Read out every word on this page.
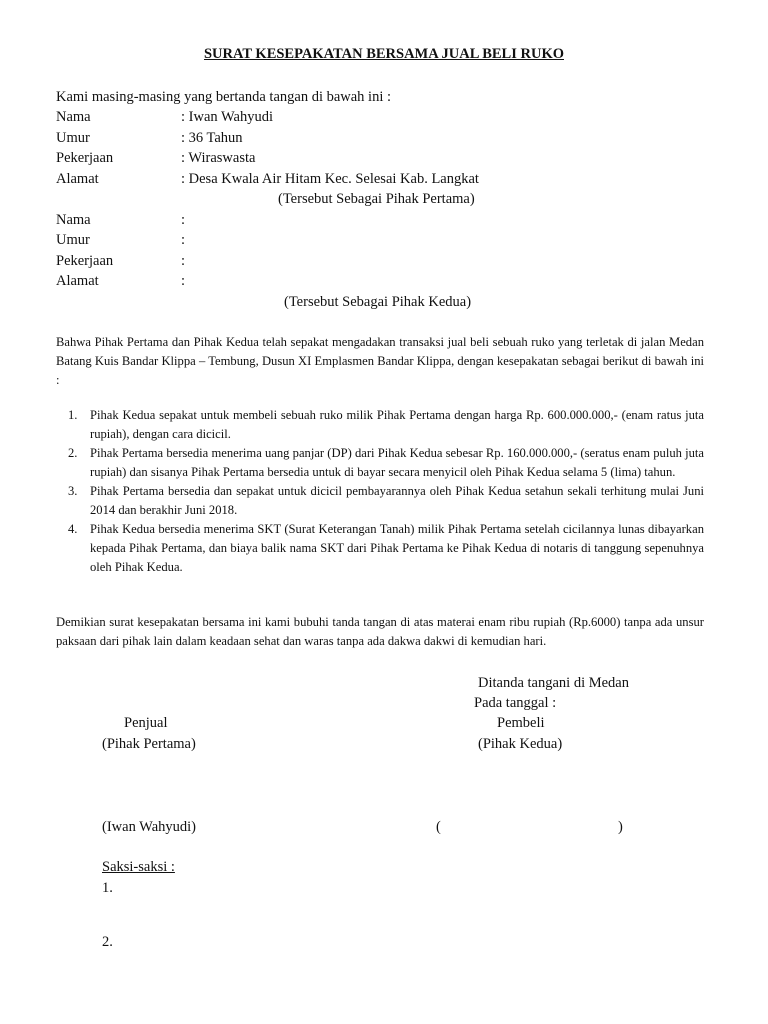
SURAT KESEPAKATAN BERSAMA JUAL BELI RUKO
Kami masing-masing yang bertanda tangan di bawah ini :
Nama	: Iwan Wahyudi
Umur	: 36 Tahun
Pekerjaan	: Wiraswasta
Alamat	: Desa Kwala Air Hitam Kec. Selesai Kab. Langkat
(Tersebut Sebagai Pihak Pertama)
Nama	:
Umur	:
Pekerjaan	:
Alamat	:
(Tersebut Sebagai Pihak Kedua)
Bahwa Pihak Pertama dan Pihak Kedua telah sepakat mengadakan transaksi jual beli sebuah ruko yang terletak di jalan Medan Batang Kuis Bandar Klippa – Tembung, Dusun XI Emplasmen Bandar Klippa, dengan kesepakatan sebagai berikut di bawah ini :
1. Pihak Kedua sepakat untuk membeli sebuah ruko milik Pihak Pertama dengan harga Rp. 600.000.000,- (enam ratus juta rupiah), dengan cara dicicil.
2. Pihak Pertama bersedia menerima uang panjar (DP) dari Pihak Kedua sebesar Rp. 160.000.000,- (seratus enam puluh juta rupiah) dan sisanya Pihak Pertama bersedia untuk di bayar secara menyicil oleh Pihak Kedua selama 5 (lima) tahun.
3. Pihak Pertama bersedia dan sepakat untuk dicicil pembayarannya oleh Pihak Kedua setahun sekali terhitung mulai Juni 2014 dan berakhir Juni 2018.
4. Pihak Kedua bersedia menerima SKT (Surat Keterangan Tanah) milik Pihak Pertama setelah cicilannya lunas dibayarkan kepada Pihak Pertama, dan biaya balik nama SKT dari Pihak Pertama ke Pihak Kedua di notaris di tanggung sepenuhnya oleh Pihak Kedua.
Demikian surat kesepakatan bersama ini kami bubuhi tanda tangan di atas materai enam ribu rupiah (Rp.6000) tanpa ada unsur paksaan dari pihak lain dalam keadaan sehat dan waras tanpa ada dakwa dakwi di kemudian hari.
Ditanda tangani di Medan
Pada tanggal :
Penjual	Pembeli
(Pihak Pertama)	(Pihak Kedua)
(Iwan Wahyudi)	(	)
Saksi-saksi :
1.
2.
